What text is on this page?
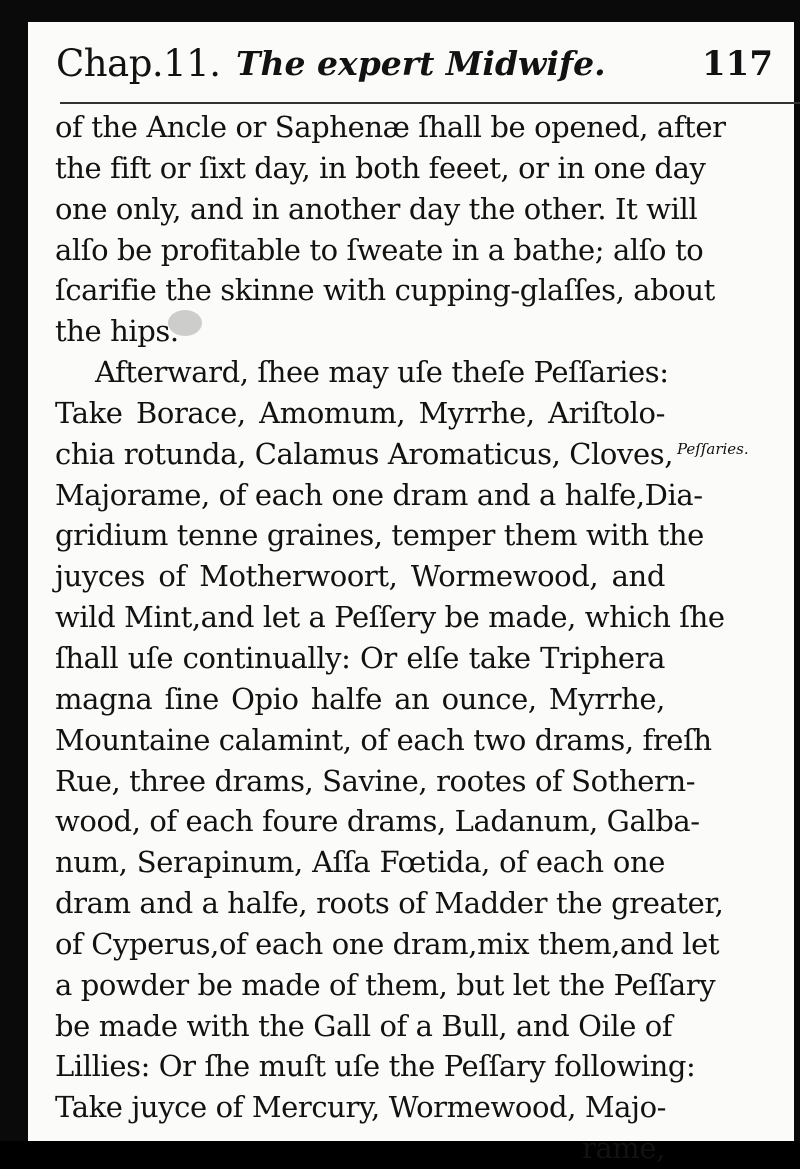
Chap.11. The expert Midwife.	117
Peſſaries.
of the Ancle or Saphenæ ſhall be opened, after
the fift or ſixt day, in both feeet, or in one day
one only, and in another day the other. It will
alſo be profitable to ſweate in a bathe; alſo to
ſcarifie the skinne with cupping-glaſſes, about
the hips.
Afterward, ſhee may uſe theſe Peſſaries:
Take Borace, Amomum, Myrrhe, Ariſtolo-
chia rotunda, Calamus Aromaticus, Cloves,
Majorame, of each one dram and a halfe,Dia-
gridium tenne graines, temper them with the
juyces of Motherwoort, Wormewood, and
wild Mint,and let a Peſſery be made, which ſhe
ſhall uſe continually: Or elſe take Triphera
magna ſine Opio halfe an ounce, Myrrhe,
Mountaine calamint, of each two drams, freſh
Rue, three drams, Savine, rootes of Sothern-
wood, of each foure drams, Ladanum, Galba-
num, Serapinum, Aſſa Fœtida, of each one
dram and a halfe, roots of Madder the greater,
of Cyperus,of each one dram,mix them,and let
a powder be made of them, but let the Peſſary
be made with the Gall of a Bull, and Oile of
Lillies: Or ſhe muſt uſe the Peſſary following:
Take juyce of Mercury, Wormewood, Majo-
rame,
